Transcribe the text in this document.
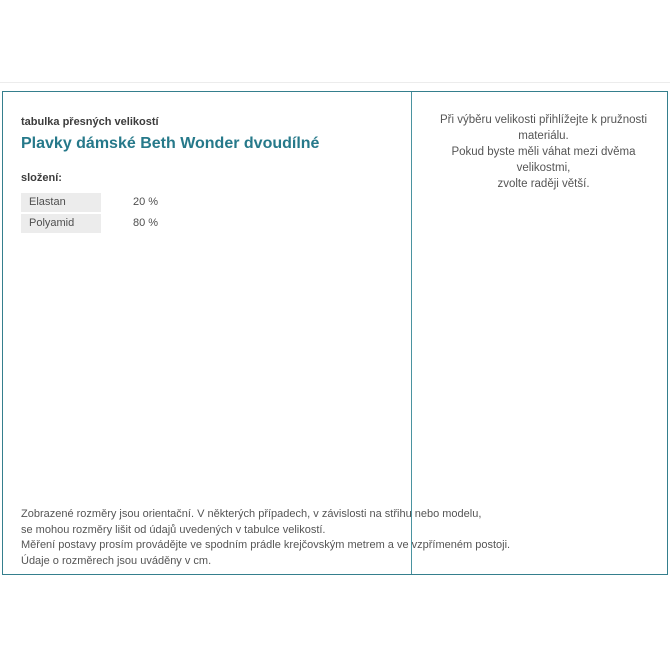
tabulka přesných velikostí
Plavky dámské Beth Wonder dvoudílné
složení:
Elastan	20 %
Polyamid	80 %
Zobrazené rozměry jsou orientační. V některých případech, v závislosti na střihu nebo modelu,
se mohou rozměry lišit od údajů uvedených v tabulce velikostí.
Měření postavy prosím provádějte ve spodním prádle krejčovským metrem a ve vzpřímeném postoji.
Údaje o rozměrech jsou uváděny v cm.
Při výběru velikosti přihlížejte k pružnosti materiálu.
Pokud byste měli váhat mezi dvěma velikostmi,
zvolte raději větší.
